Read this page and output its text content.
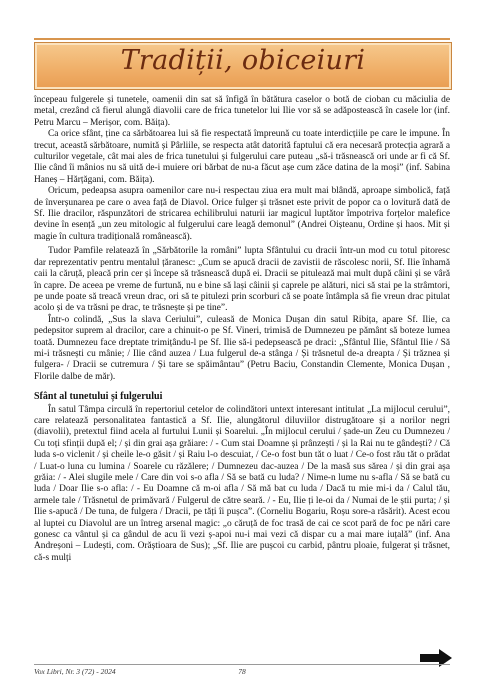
Tradiții, obiceiuri

începeau fulgerele și tunetele, oamenii din sat să înfigă în bătătura caselor o botă de cioban cu măciulia de metal, crezând că fierul alungă diavolii care de frica tunetelor lui Ilie vor să se adăpostească în casele lor (inf. Petru Marcu – Merișor, com. Băița).

Ca orice sfânt, ține ca sărbătoarea lui să fie respectată împreună cu toate interdicțiile pe care le impune. În trecut, această sărbătoare, numită și Pârliile, se respecta atât datorită faptului că era necesară protecția agrară a culturilor vegetale, cât mai ales de frica tunetului și fulgerului care puteau „să-i trăsnească ori unde ar fi că Sf. Ilie când îi mânios nu să uită de-i muiere ori bărbat de nu-a făcut așe cum zăce datina de la moși” (inf. Sabina Haneș – Hărțăgani, com. Băița).

Oricum, pedeapsa asupra oamenilor care nu-i respectau ziua era mult mai blândă, aproape simbolică, față de înverșunarea pe care o avea față de Diavol. Orice fulger și trăsnet este privit de popor ca o lovitură dată de Sf. Ilie dracilor, răspunzători de stricarea echilibrului naturii iar magicul luptător împotriva forțelor malefice devine în esență „un zeu mitologic al fulgerului care leagă demonul” (Andrei Oișteanu, Ordine și haos. Mit și magie în cultura tradițională românească).

Tudor Pamfile relatează în „Sărbătorile la români” lupta Sfântului cu dracii într-un mod cu totul pitoresc dar reprezentativ pentru mentalul țăranesc: „Cum se apucă dracii de zavistii de răscolesc norii, Sf. Ilie înhamă caii la căruță, pleacă prin cer și începe să trăsnească după ei. Dracii se pitulează mai mult după câini și se vâră în capre. De aceea pe vreme de furtună, nu e bine să lași câinii și caprele pe alături, nici să stai pe la strâmtori, pe unde poate să treacă vreun drac, ori să te pitulezi prin scorburi că se poate întâmpla să fie vreun drac pitulat acolo și de va trăsni pe drac, te trăsnește și pe tine”.

Într-o colindă, „Sus la slava Ceriului”, culeasă de Monica Dușan din satul Ribița, apare Sf. Ilie, ca pedepsitor suprem al dracilor, care a chinuit-o pe Sf. Vineri, trimisă de Dumnezeu pe pământ să boteze lumea toată. Dumnezeu face dreptate trimițându-l pe Sf. Ilie să-i pedepsească pe draci: „Sfântul Ilie, Sfântul Ilie / Să mi-i trăsnești cu mânie; / Ilie când auzea / Lua fulgerul de-a stânga / Și trăsnetul de-a dreapta / Și trăznea și fulgera- / Dracii se cutremura / Și tare se spăimântau” (Petru Baciu, Constandin Clemente, Monica Dușan , Florile dalbe de măr).

Sfânt al tunetului și fulgerului

În satul Tâmpa circulă în repertoriul cetelor de colindători untext interesant intitulat „La mijlocul cerului”, care relatează personalitatea fantastică a Sf. Ilie, alungătorul diluviilor distrugătoare și a norilor negri (diavolii), pretextul fiind acela al furtului Lunii și Soarelui. „În mijlocul cerului / șade-un Zeu cu Dumnezeu / Cu toți sfinții după el; / și din grai așa grăiare: / - Cum stai Doamne și prânzești / și la Rai nu te gândești? / Că luda s-o viclenit / și cheile le-o găsit / și Raiu l-o descuiat, / Ce-o fost bun tăt o luat / Ce-o fost rău tăt o prădat / Luat-o luna cu lumina / Soarele cu răzălere; / Dumnezeu dac-auzea / De la masă sus sărea / și din grai așa grăia: / - Alei slugile mele / Care din voi s-o afla / Să se bată cu luda? / Nime-n lume nu s-afla / Să se bată cu luda / Doar Ilie s-o afla: / - Eu Doamne că m-oi afla / Să mă bat cu luda / Dacă tu mie mi-i da / Calul tău, armele tale / Trăsnetul de primăvară / Fulgerul de către seară. / - Eu, Ilie ți le-oi da / Numai de le știi purta; / și Ilie s-apucă / De tuna, de fulgera / Dracii, pe tăți îi pușca”. (Corneliu Bogariu, Roșu sore-a răsărit). Acest ecou al luptei cu Diavolul are un întreg arsenal magic: „o căruță de foc trasă de cai ce scot pară de foc pe nări care gonesc ca vântul și ca gândul de acu îi vezi ș-apoi nu-i mai vezi că dispar cu a mai mare iuțală” (inf. Ana Andreșoni – Ludești, com. Orăștioara de Sus); „Sf. Ilie are pușcoi cu carbid, pântru ploaie, fulgerat și trăsnet, că-s mulți

Vox Libri, Nr. 3 (72) - 2024	78
